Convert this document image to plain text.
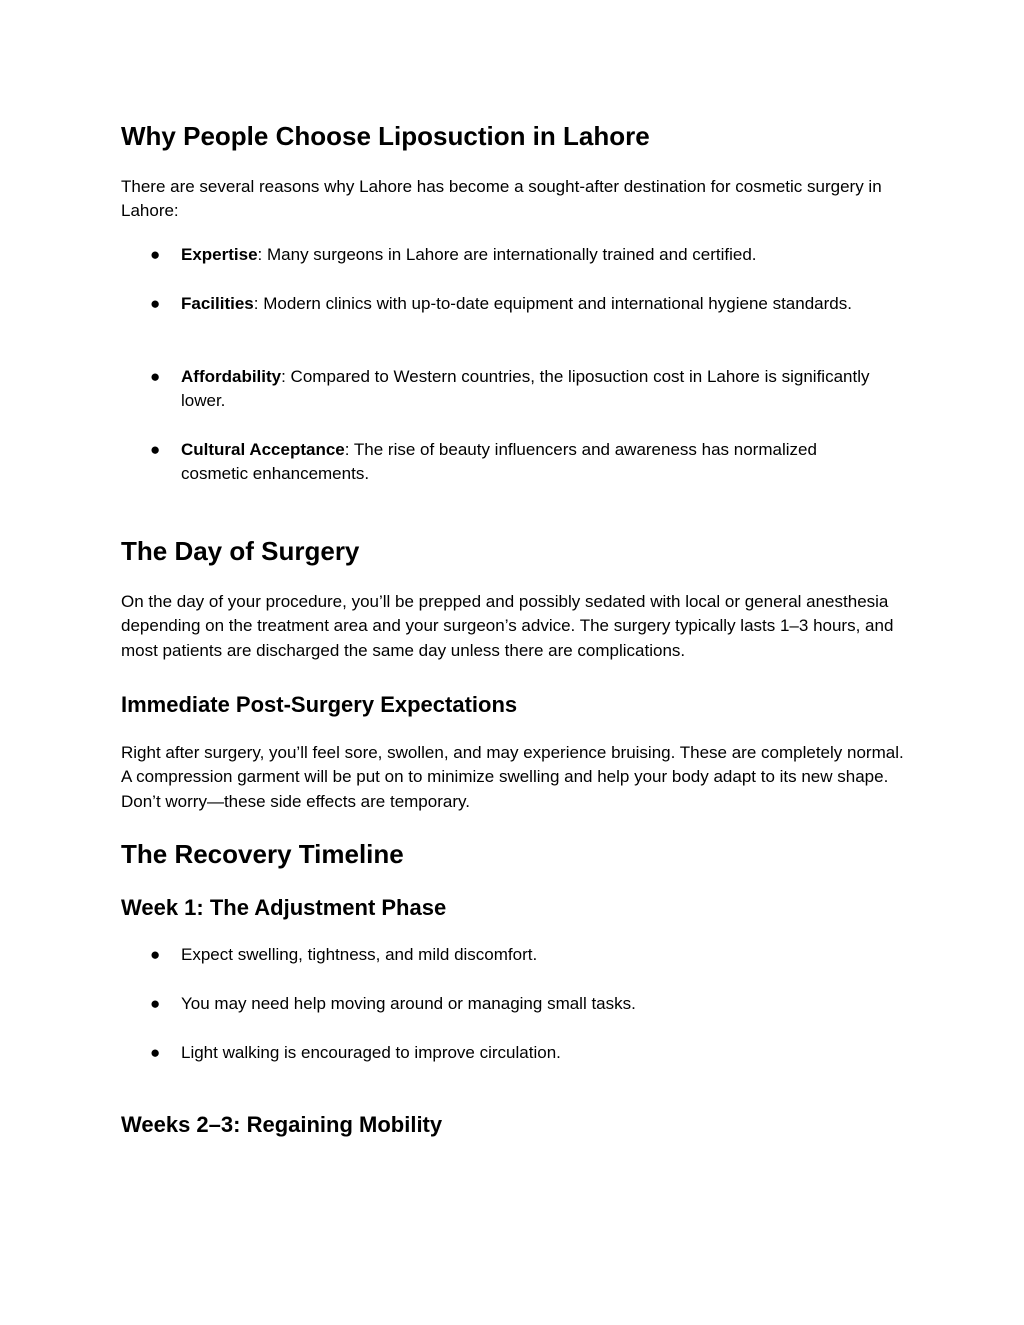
Why People Choose Liposuction in Lahore

There are several reasons why Lahore has become a sought-after destination for cosmetic surgery in Lahore:

● Expertise: Many surgeons in Lahore are internationally trained and certified.
● Facilities: Modern clinics with up-to-date equipment and international hygiene standards.
● Affordability: Compared to Western countries, the liposuction cost in Lahore is significantly lower.
● Cultural Acceptance: The rise of beauty influencers and awareness has normalized cosmetic enhancements.
The Day of Surgery

On the day of your procedure, you’ll be prepped and possibly sedated with local or general anesthesia depending on the treatment area and your surgeon’s advice. The surgery typically lasts 1–3 hours, and most patients are discharged the same day unless there are complications.

Immediate Post-Surgery Expectations

Right after surgery, you’ll feel sore, swollen, and may experience bruising. These are completely normal. A compression garment will be put on to minimize swelling and help your body adapt to its new shape. Don’t worry—these side effects are temporary.

The Recovery Timeline
Week 1: The Adjustment Phase
● Expect swelling, tightness, and mild discomfort.
● You may need help moving around or managing small tasks.
● Light walking is encouraged to improve circulation.
Weeks 2–3: Regaining Mobility
